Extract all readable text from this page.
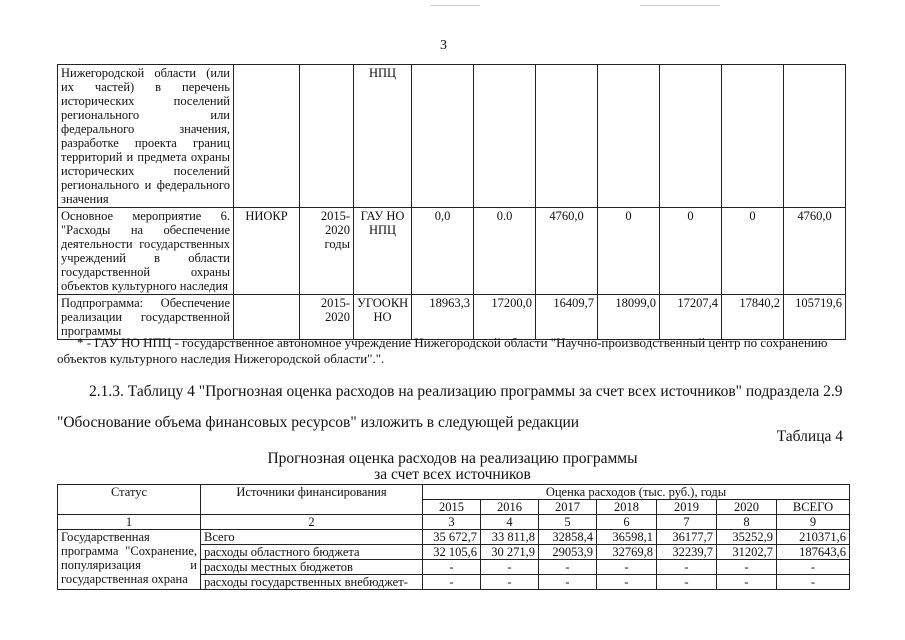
3
Нижегородской области (или их частей) в перечень исторических поселений регионального или федерального значения, разработке проекта границ территорий и предмета охраны исторических поселений регионального и федерального значения			НПЦ							
Основное мероприятие 6. "Расходы на обеспечение деятельности государственных учреждений в области государственной охраны объектов культурного наследия	НИОКР	2015-2020 годы	ГАУ НО НПЦ	0,0	0.0	4760,0	0	0	0	4760,0
Подпрограмма: Обеспечение реализации государственной программы		2015-2020	УГООКН НО	18963,3	17200,0	16409,7	18099,0	17207,4	17840,2	105719,6
* - ГАУ НО НПЦ - государственное автономное учреждение Нижегородской области "Научно-производственный центр по сохранению объектов культурного наследия Нижегородской области".".
2.1.3. Таблицу 4 "Прогнозная оценка расходов на реализацию программы за счет всех источников" подраздела 2.9 "Обоснование объема финансовых ресурсов" изложить в следующей редакции
Таблица 4
Прогнозная оценка расходов на реализацию программы
за счет всех источников
Статус	Источники финансирования	Оценка расходов (тыс. руб.), годы						
		2015	2016	2017	2018	2019	2020	ВСЕГО
1	2	3	4	5	6	7	8	9
Государственная программа "Сохранение, популяризация и государственная охрана	Всего	35 672,7	33 811,8	32858,4	36598,1	36177,7	35252,9	210371,6
	расходы областного бюджета	32 105,6	30 271,9	29053,9	32769,8	32239,7	31202,7	187643,6
	расходы местных бюджетов	-	-	-	-	-	-	-
	расходы государственных внебюджет-	-	-	-	-	-	-	-
